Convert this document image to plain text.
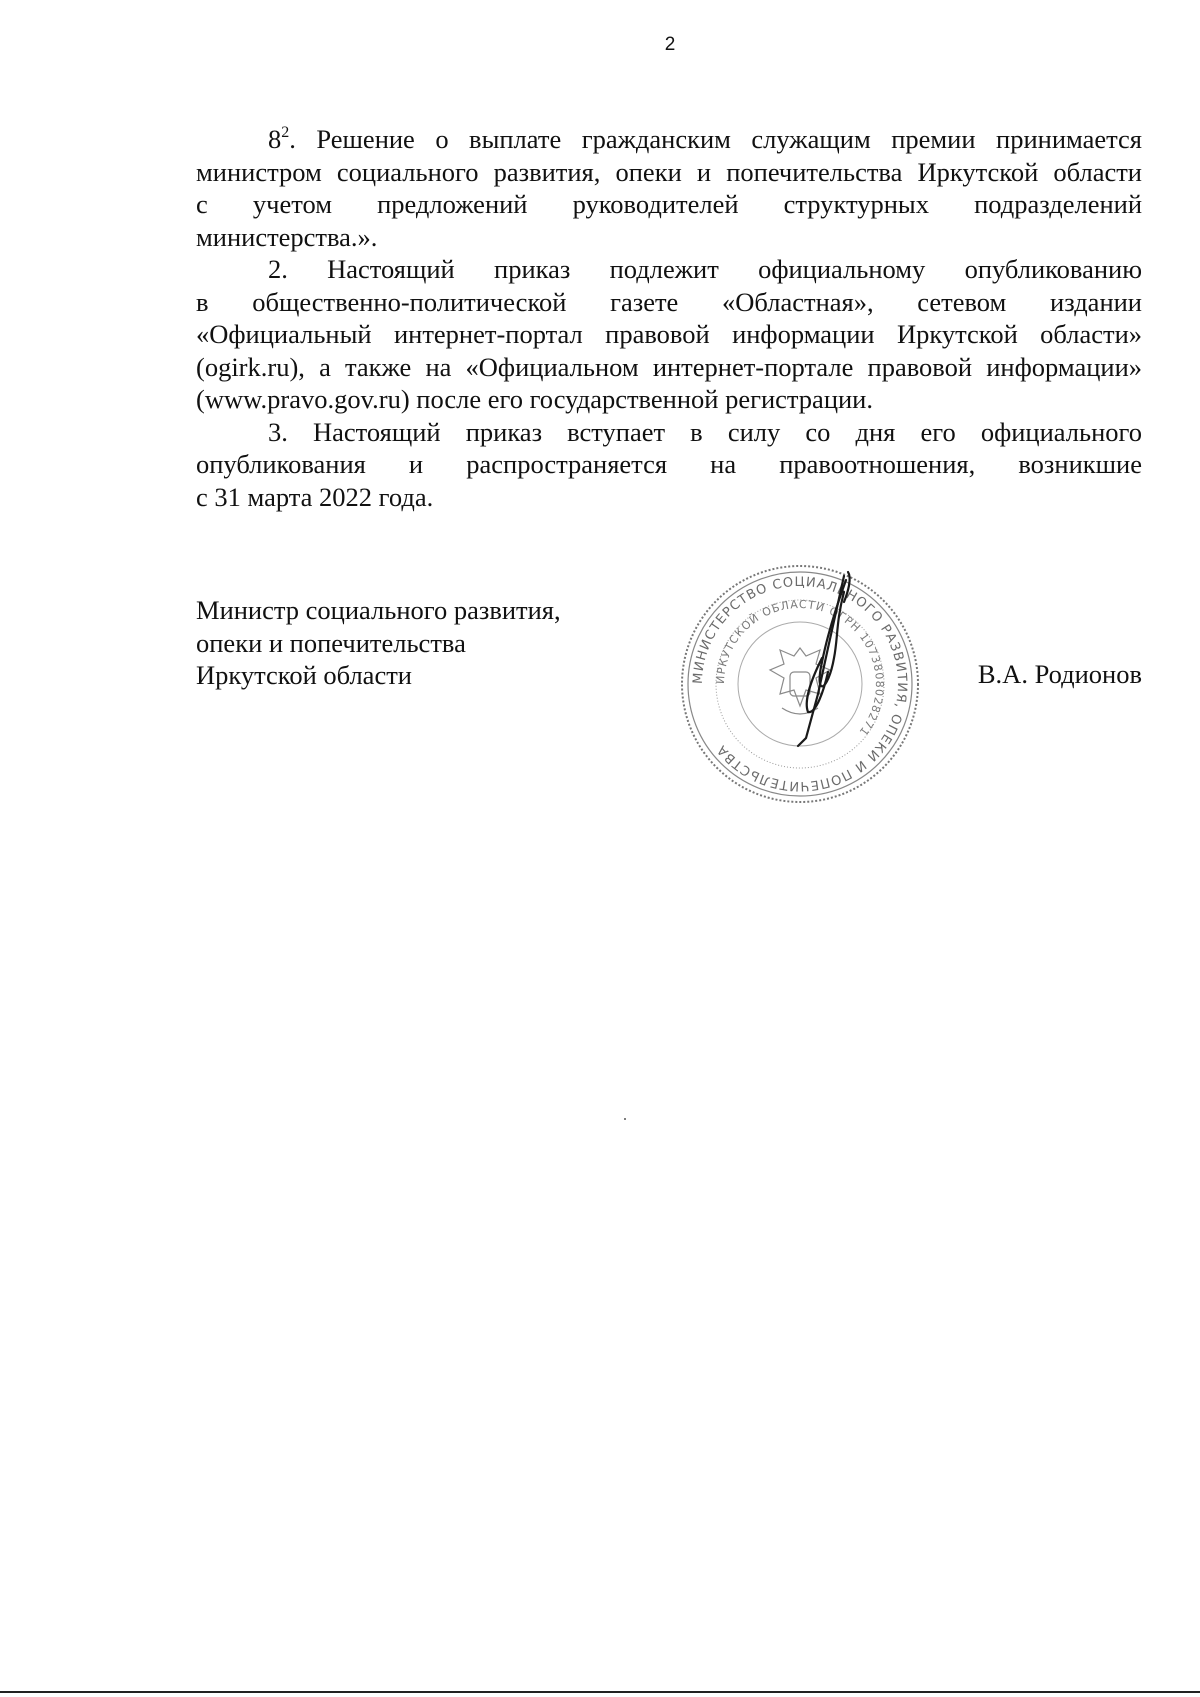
2

$8^2$. Решение о выплате гражданским служащим премии принимается
министром социального развития, опеки и попечительства Иркутской области
с учетом предложений руководителей структурных подразделений
министерства.».

2. Настоящий приказ подлежит официальному опубликованию
в общественно-политической газете «Областная», сетевом издании
«Официальный интернет-портал правовой информации Иркутской области»
(ogirk.ru), а также на «Официальном интернет-портале правовой информации»
(www.pravo.gov.ru) после его государственной регистрации.

3. Настоящий приказ вступает в силу со дня его официального
опубликования и распространяется на правоотношения, возникшие
с 31 марта 2022 года.

Министр социального развития,
опеки и попечительства
Иркутской области	В.А. Родионов
МИНИСТЕРСТВО СОЦИАЛЬНОГО РАЗВИТИЯ, ОПЕКИ И ПОПЕЧИТЕЛЬСТВА
ИРКУТСКОЙ ОБЛАСТИ ОГРН 1073808028271
